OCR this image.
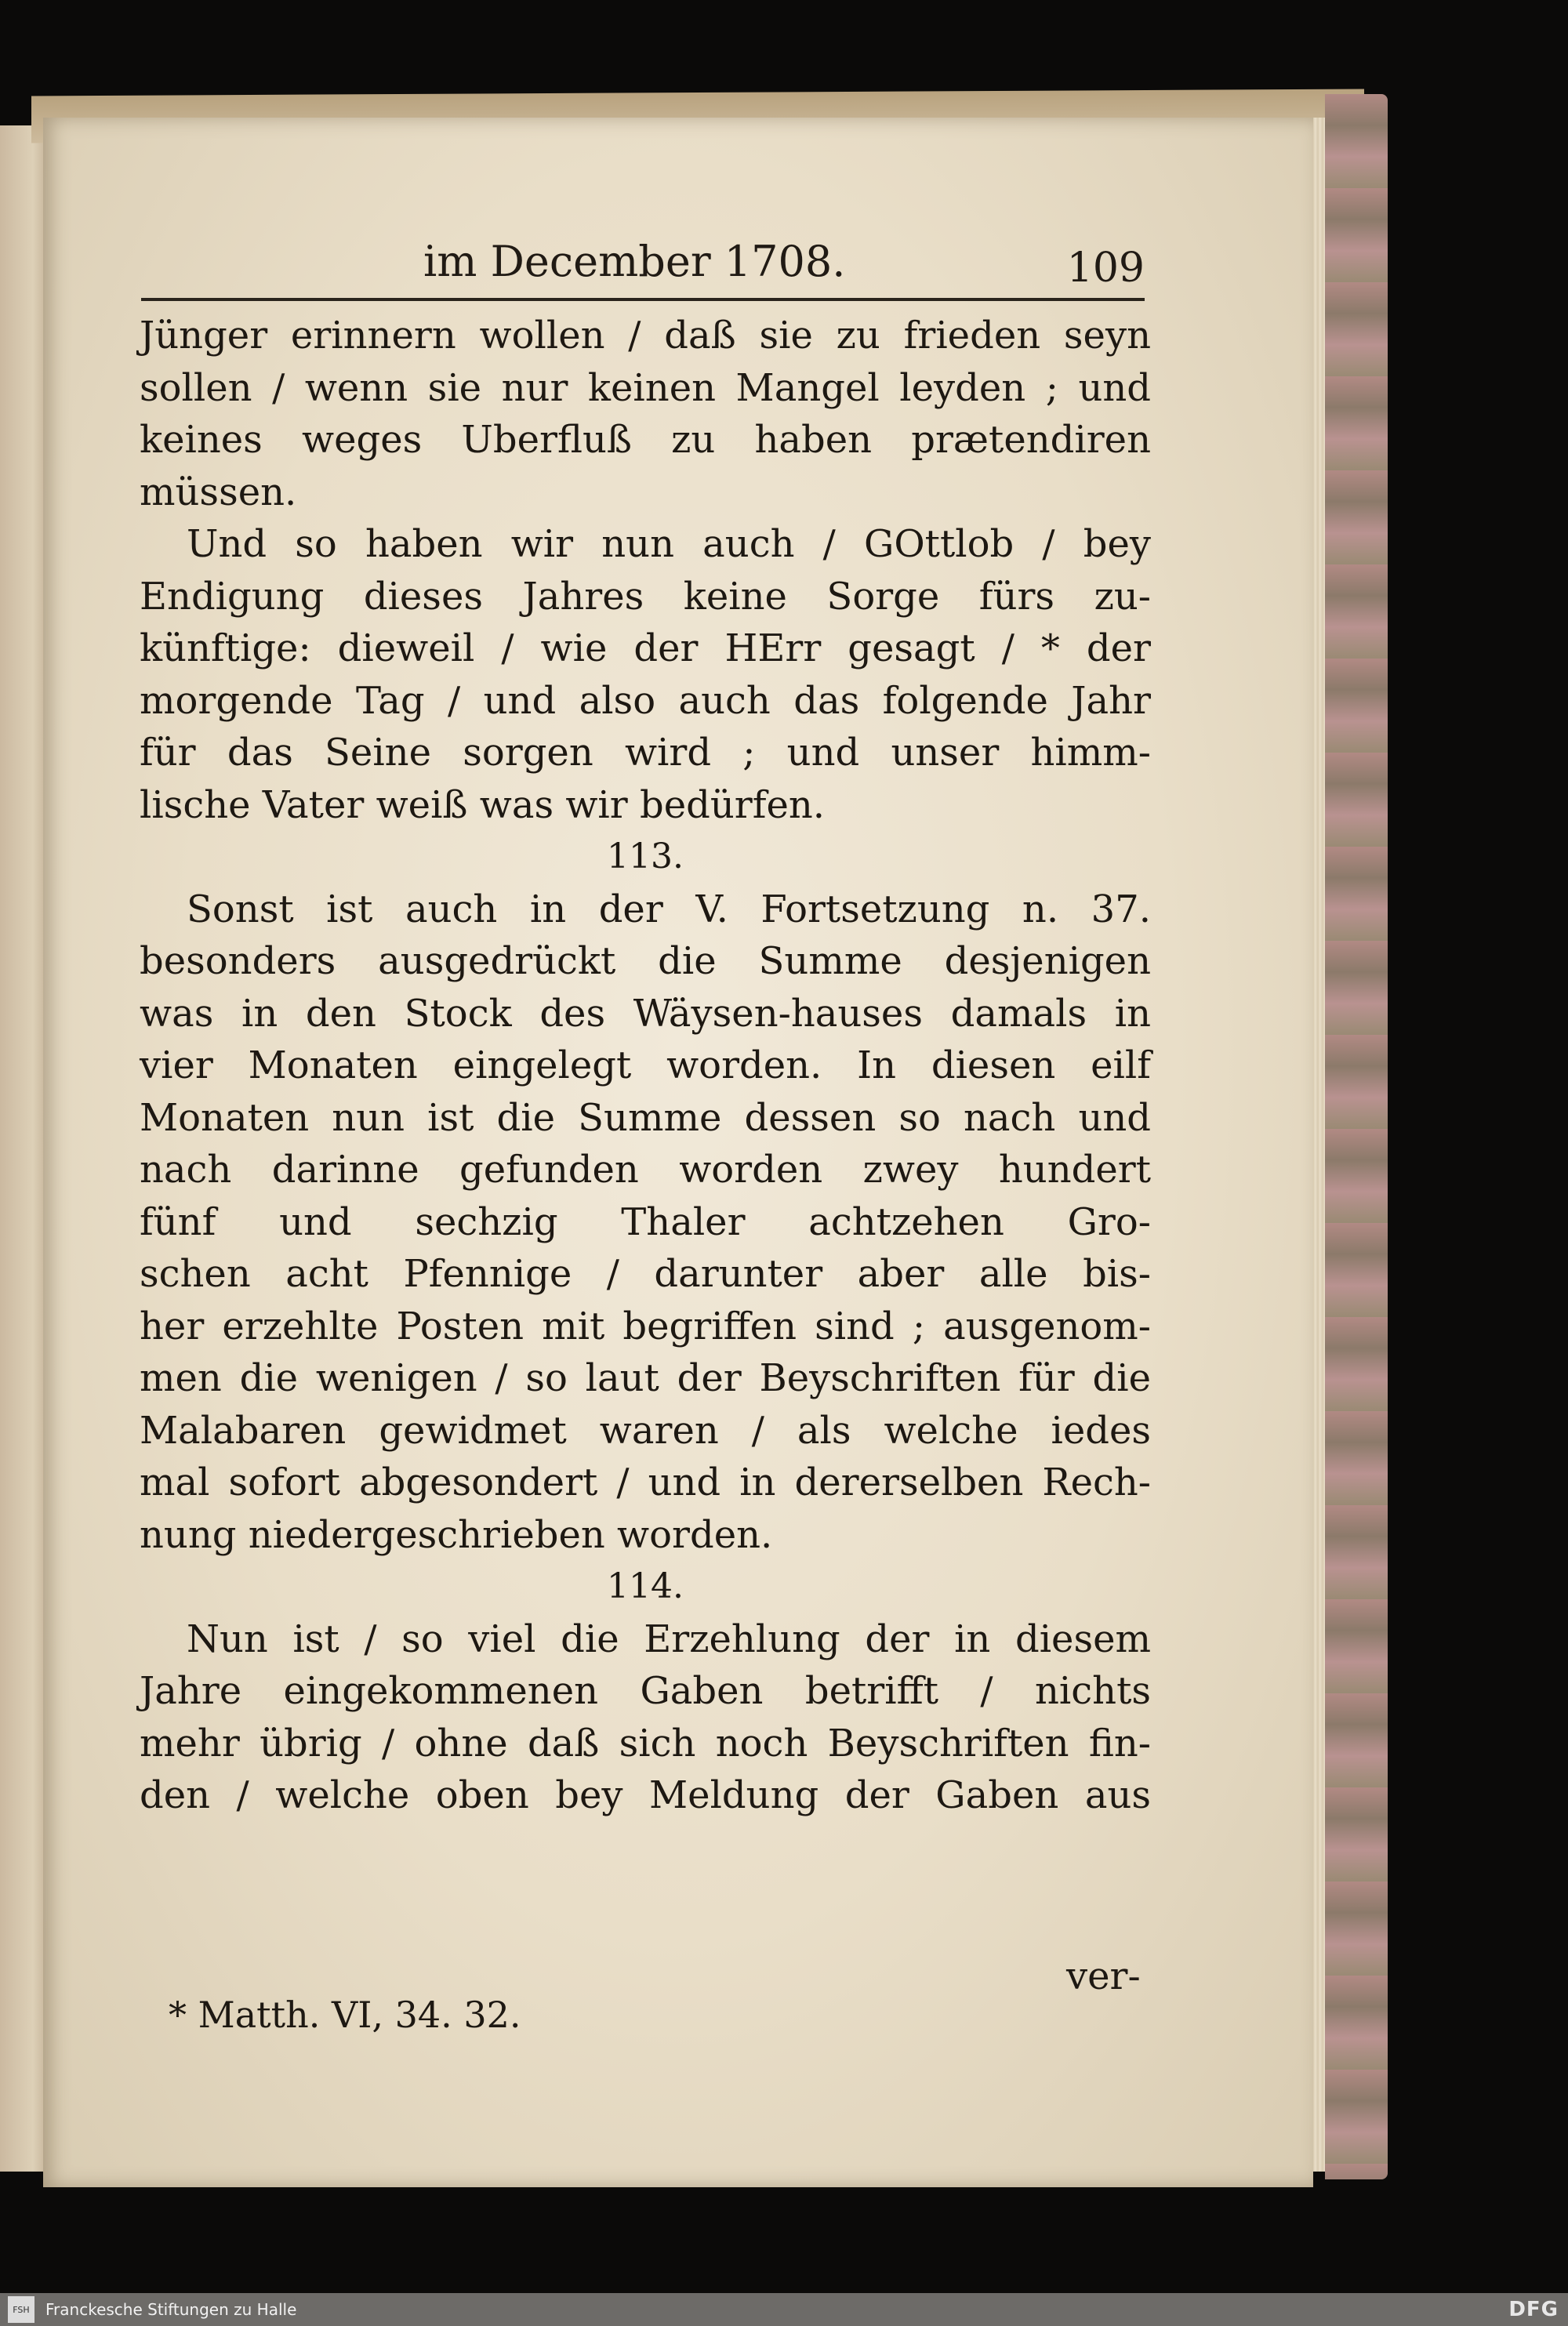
im December 1708.	109
Jünger erinnern wollen / daß sie zu frieden seyn
sollen / wenn sie nur keinen Mangel leyden ; und
keines weges Uberfluß zu haben prætendiren
müssen.
Und so haben wir nun auch / GOttlob / bey
Endigung dieses Jahres keine Sorge fürs zu-
künftige: dieweil / wie der HErr gesagt / * der
morgende Tag / und also auch das folgende Jahr
für das Seine sorgen wird ; und unser himm-
lische Vater weiß was wir bedürfen.
113.
Sonst ist auch in der V. Fortsetzung n. 37.
besonders ausgedrückt die Summe desjenigen
was in den Stock des Wäysen-hauses damals in
vier Monaten eingelegt worden. In diesen eilf
Monaten nun ist die Summe dessen so nach und
nach darinne gefunden worden zwey hundert
fünf und sechzig Thaler achtzehen Gro-
schen acht Pfennige / darunter aber alle bis-
her erzehlte Posten mit begriffen sind ; ausgenom-
men die wenigen / so laut der Beyschriften für die
Malabaren gewidmet waren / als welche iedes
mal sofort abgesondert / und in dererselben Rech-
nung niedergeschrieben worden.
114.
Nun ist / so viel die Erzehlung der in diesem
Jahre eingekommenen Gaben betrifft / nichts
mehr übrig / ohne daß sich noch Beyschriften fin-
den / welche oben bey Meldung der Gaben aus
ver-
* Matth. VI, 34. 32.
FSH	Franckesche Stiftungen zu Halle	DFG
